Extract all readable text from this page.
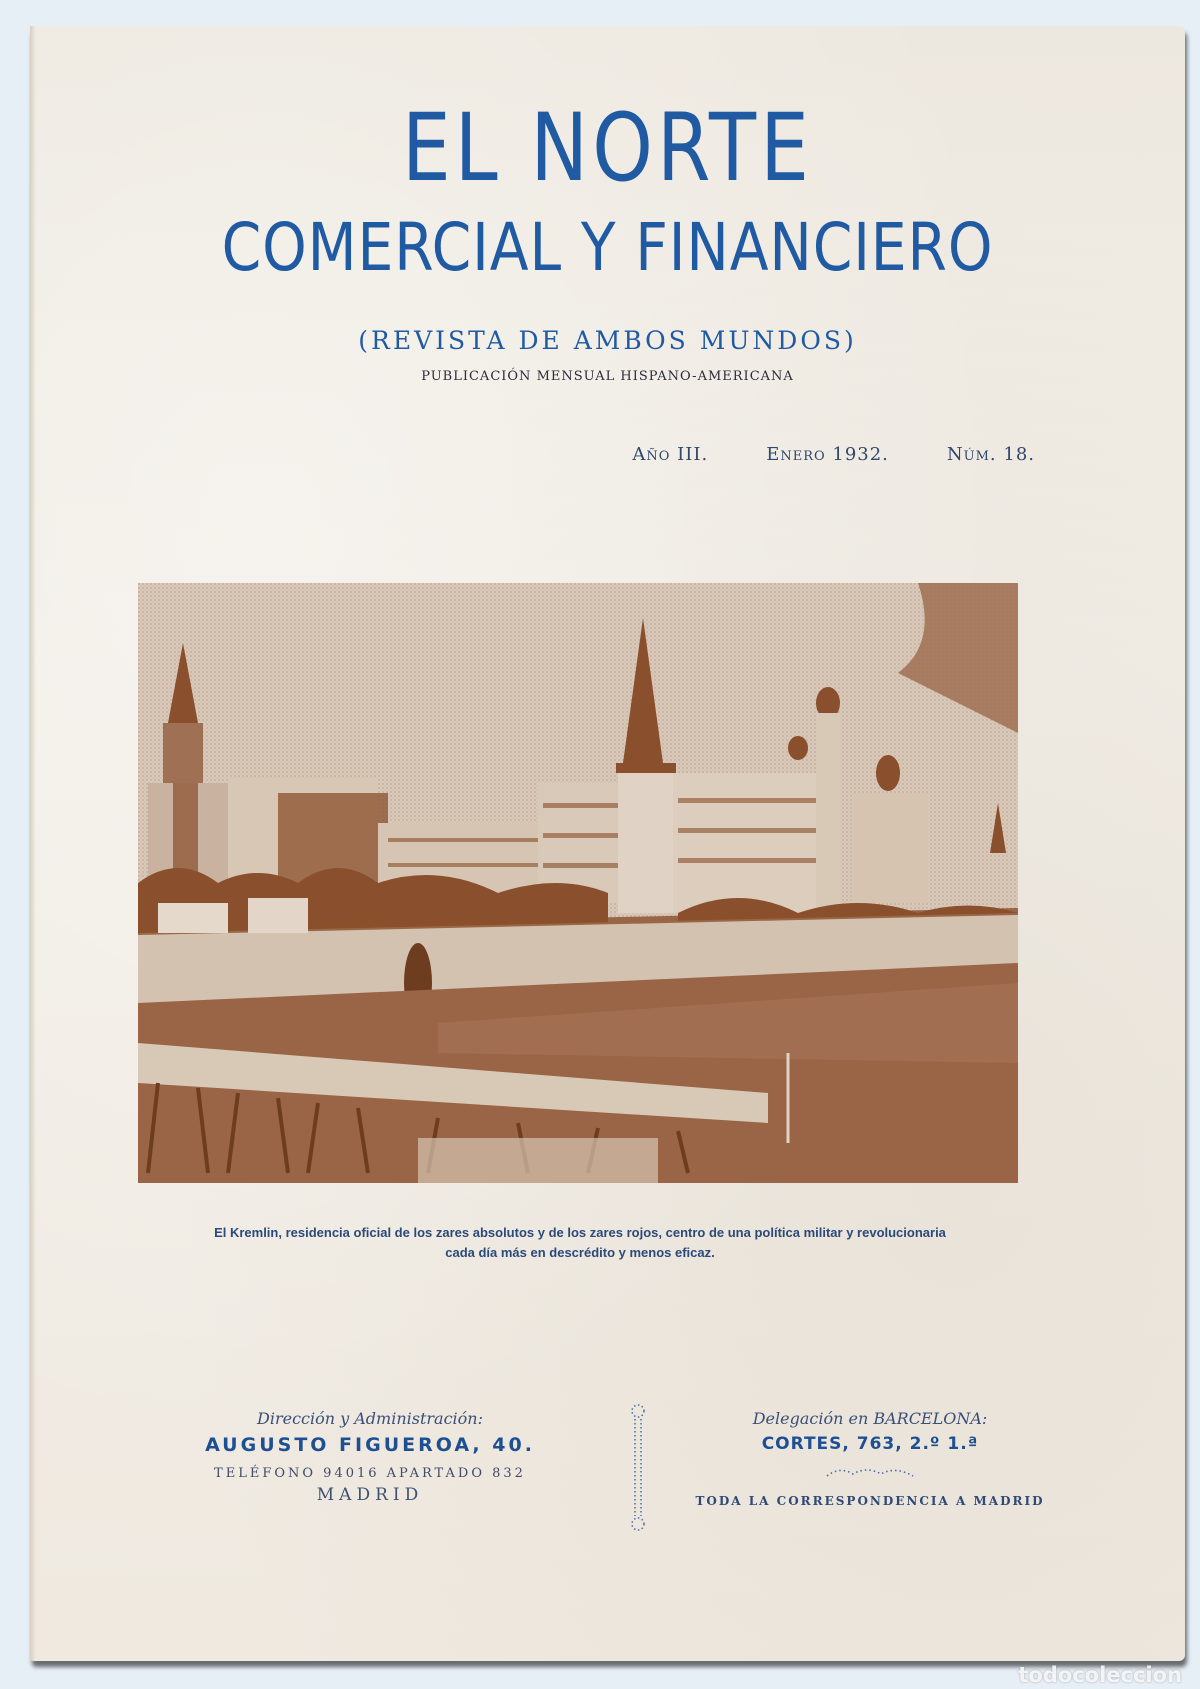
EL NORTE
COMERCIAL Y FINANCIERO
(REVISTA DE AMBOS MUNDOS)
PUBLICACIÓN MENSUAL HISPANO-AMERICANA
Año III.	Enero 1932.	Núm. 18.
El Kremlin, residencia oficial de los zares absolutos y de los zares rojos, centro de una política militar y revolucionaria
cada día más en descrédito y menos eficaz.
Dirección y Administración:
AUGUSTO FIGUEROA, 40.
TELÉFONO 94016 APARTADO 832
MADRID
Delegación en BARCELONA:
CORTES, 763, 2.º 1.ª
TODA LA CORRESPONDENCIA A MADRID
todocoleccion
